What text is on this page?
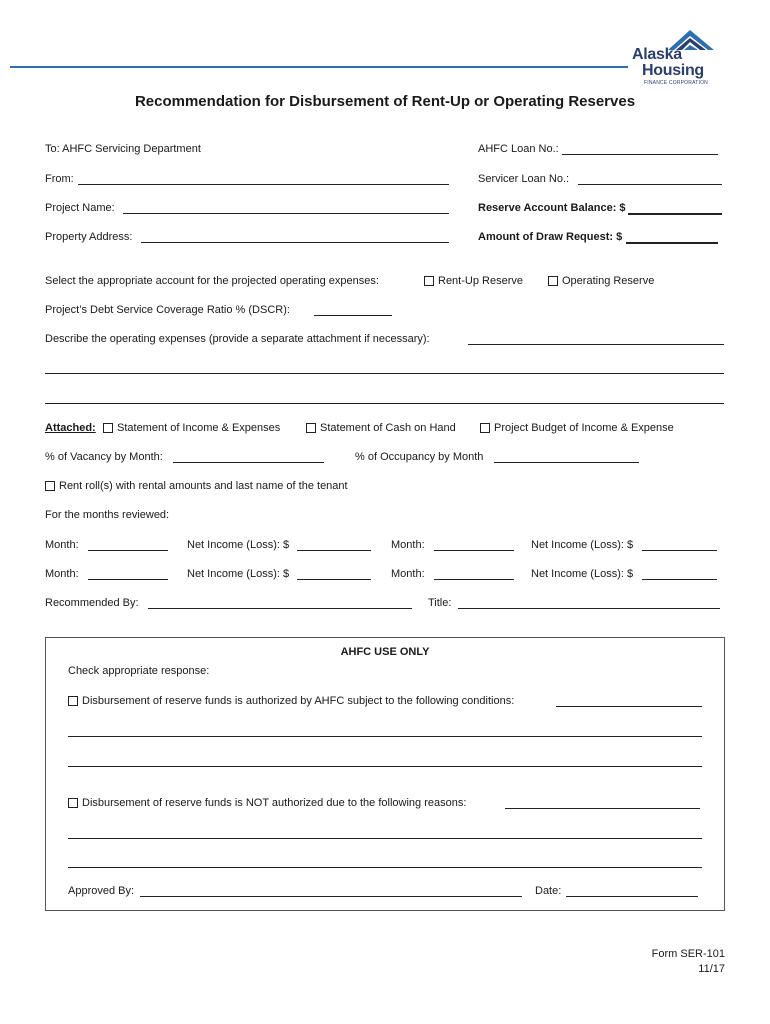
Alaska
Housing
FINANCE CORPORATION
Recommendation for Disbursement of Rent-Up or Operating Reserves
To: AHFC Servicing Department	AHFC Loan No.:
From:	Servicer Loan No.:
Project Name:	Reserve Account Balance: $
Property Address:	Amount of Draw Request: $
Select the appropriate account for the projected operating expenses:	Rent-Up Reserve	Operating Reserve
Project’s Debt Service Coverage Ratio % (DSCR):
Describe the operating expenses (provide a separate attachment if necessary):
Attached:	Statement of Income & Expenses	Statement of Cash on Hand	Project Budget of Income & Expense
% of Vacancy by Month:	% of Occupancy by Month
Rent roll(s) with rental amounts and last name of the tenant
For the months reviewed:
Month:	Net Income (Loss): $	Month:	Net Income (Loss): $
Month:	Net Income (Loss): $	Month:	Net Income (Loss): $
Recommended By:	Title:
AHFC USE ONLY
Check appropriate response:
Disbursement of reserve funds is authorized by AHFC subject to the following conditions:
Disbursement of reserve funds is NOT authorized due to the following reasons:
Approved By:	Date:
Form SER-101
11/17
